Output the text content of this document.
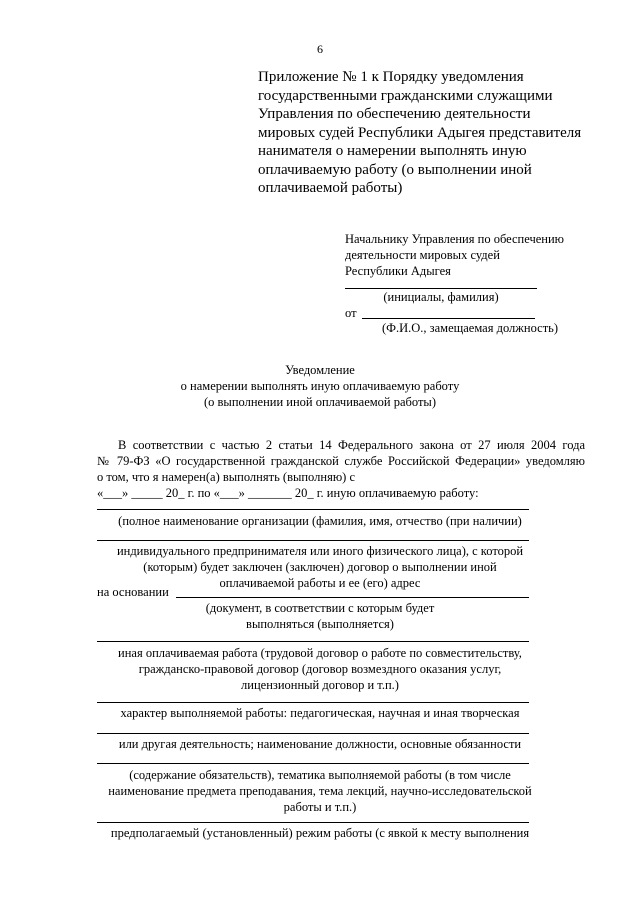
6
Приложение № 1 к Порядку уведомления
государственными гражданскими служащими
Управления по обеспечению деятельности
мировых судей Республики Адыгея представителя
нанимателя о намерении выполнять иную
оплачиваемую работу (о выполнении иной
оплачиваемой работы)
Начальнику Управления по обеспечению
деятельности мировых судей
Республики Адыгея
(инициалы, фамилия)
от
(Ф.И.О., замещаемая должность)
Уведомление
о намерении выполнять иную оплачиваемую работу
(о выполнении иной оплачиваемой работы)
В соответствии с частью 2 статьи 14 Федерального закона от 27 июля 2004 года
№ 79-ФЗ «О государственной гражданской службе Российской Федерации» уведомляю
о том, что я намерен(а) выполнять (выполняю) с
«___» _____ 20_ г. по «___» _______ 20_ г. иную оплачиваемую работу:
(полное наименование организации (фамилия, имя, отчество (при наличии)
индивидуального предпринимателя или иного физического лица), с которой
(которым) будет заключен (заключен) договор о выполнении иной
оплачиваемой работы и ее (его) адрес
на основании
(документ, в соответствии с которым будет
выполняться (выполняется)
иная оплачиваемая работа (трудовой договор о работе по совместительству,
гражданско-правовой договор (договор возмездного оказания услуг,
лицензионный договор и т.п.)
характер выполняемой работы: педагогическая, научная и иная творческая
или другая деятельность; наименование должности, основные обязанности
(содержание обязательств), тематика выполняемой работы (в том числе
наименование предмета преподавания, тема лекций, научно-исследовательской
работы и т.п.)
предполагаемый (установленный) режим работы (с явкой к месту выполнения
